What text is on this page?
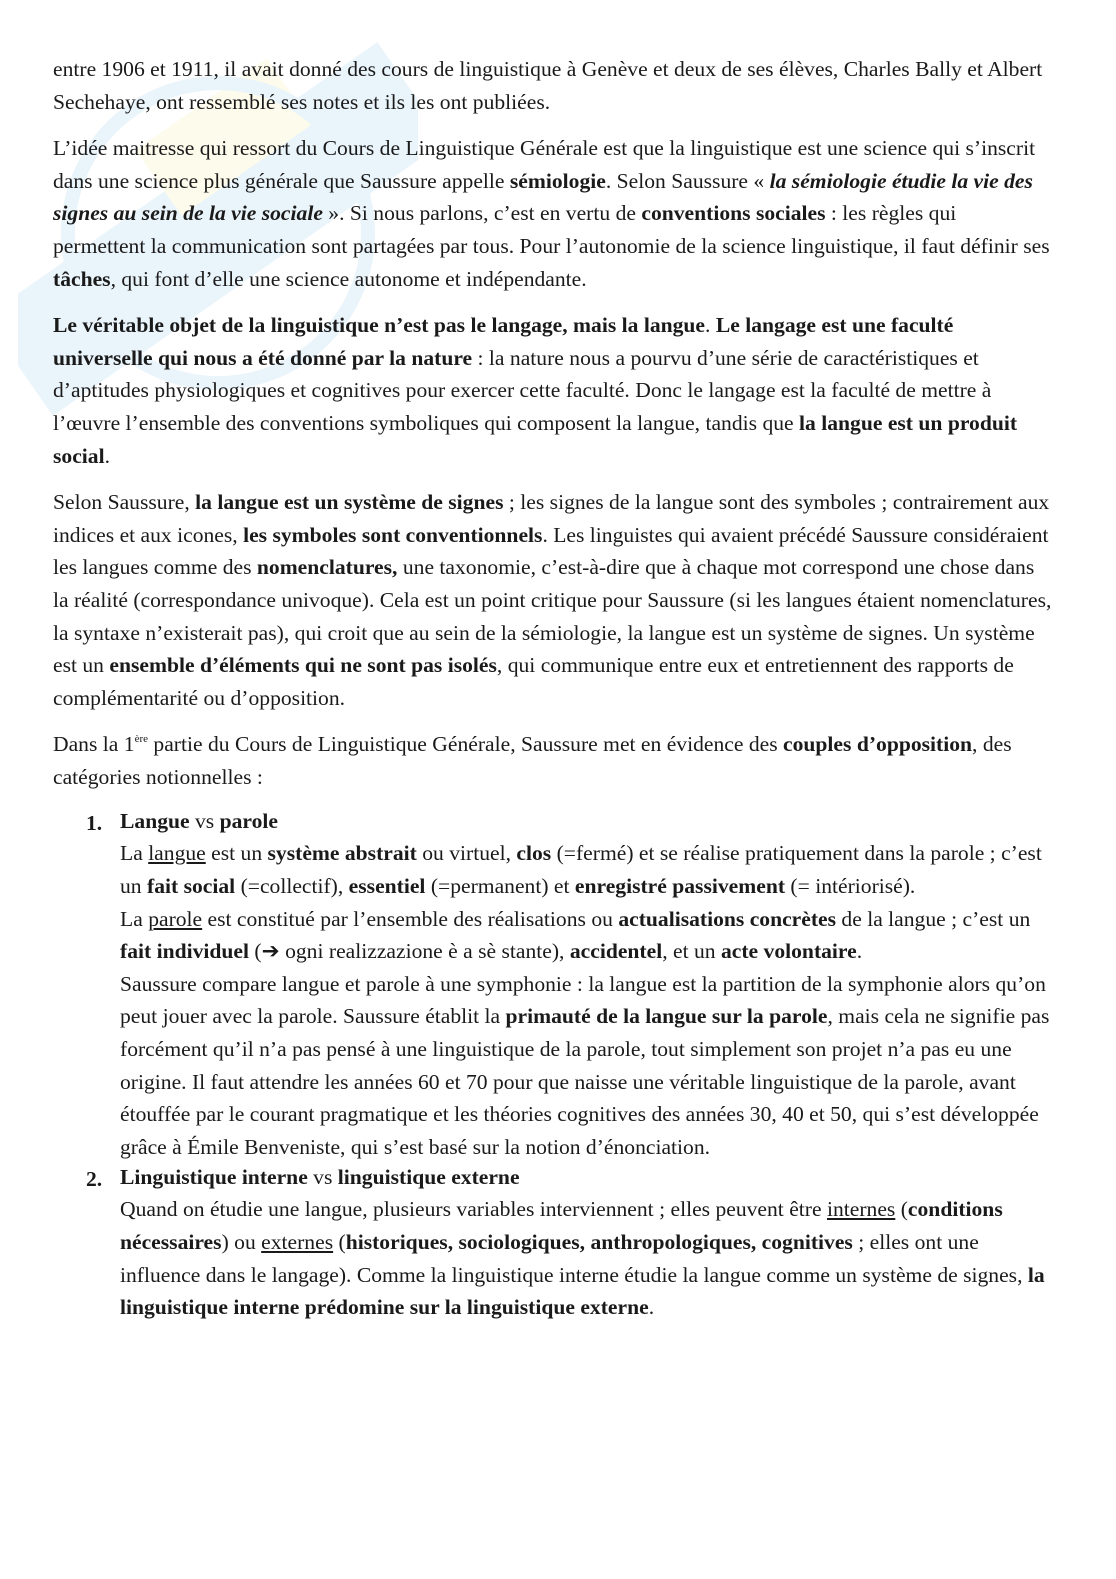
entre 1906 et 1911, il avait donné des cours de linguistique à Genève et deux de ses élèves, Charles Bally et Albert Sechehaye, ont ressemblé ses notes et ils les ont publiées.

L’idée maitresse qui ressort du Cours de Linguistique Générale est que la linguistique est une science qui s’inscrit dans une science plus générale que Saussure appelle sémiologie. Selon Saussure « la sémiologie étudie la vie des signes au sein de la vie sociale ». Si nous parlons, c’est en vertu de conventions sociales : les règles qui permettent la communication sont partagées par tous. Pour l’autonomie de la science linguistique, il faut définir ses tâches, qui font d’elle une science autonome et indépendante.

Le véritable objet de la linguistique n’est pas le langage, mais la langue. Le langage est une faculté universelle qui nous a été donné par la nature : la nature nous a pourvu d’une série de caractéristiques et d’aptitudes physiologiques et cognitives pour exercer cette faculté. Donc le langage est la faculté de mettre à l’œuvre l’ensemble des conventions symboliques qui composent la langue, tandis que la langue est un produit social.

Selon Saussure, la langue est un système de signes ; les signes de la langue sont des symboles ; contrairement aux indices et aux icones, les symboles sont conventionnels. Les linguistes qui avaient précédé Saussure considéraient les langues comme des nomenclatures, une taxonomie, c’est-à-dire que à chaque mot correspond une chose dans la réalité (correspondance univoque). Cela est un point critique pour Saussure (si les langues étaient nomenclatures, la syntaxe n’existerait pas), qui croit que au sein de la sémiologie, la langue est un système de signes. Un système est un ensemble d’éléments qui ne sont pas isolés, qui communique entre eux et entretiennent des rapports de complémentarité ou d’opposition.

Dans la 1ère partie du Cours de Linguistique Générale, Saussure met en évidence des couples d’opposition, des catégories notionnelles :

1. Langue vs parole
La langue est un système abstrait ou virtuel, clos (=fermé) et se réalise pratiquement dans la parole ; c’est un fait social (=collectif), essentiel (=permanent) et enregistré passivement (= intériorisé).
La parole est constitué par l’ensemble des réalisations ou actualisations concrètes de la langue ; c’est un fait individuel (➔ ogni realizzazione è a sè stante), accidentel, et un acte volontaire.
Saussure compare langue et parole à une symphonie : la langue est la partition de la symphonie alors qu’on peut jouer avec la parole. Saussure établit la primauté de la langue sur la parole, mais cela ne signifie pas forcément qu’il n’a pas pensé à une linguistique de la parole, tout simplement son projet n’a pas eu une origine. Il faut attendre les années 60 et 70 pour que naisse une véritable linguistique de la parole, avant étouffée par le courant pragmatique et les théories cognitives des années 30, 40 et 50, qui s’est développée grâce à Émile Benveniste, qui s’est basé sur la notion d’énonciation.
2. Linguistique interne vs linguistique externe
Quand on étudie une langue, plusieurs variables interviennent ; elles peuvent être internes (conditions nécessaires) ou externes (historiques, sociologiques, anthropologiques, cognitives ; elles ont une influence dans le langage). Comme la linguistique interne étudie la langue comme un système de signes, la linguistique interne prédomine sur la linguistique externe.
